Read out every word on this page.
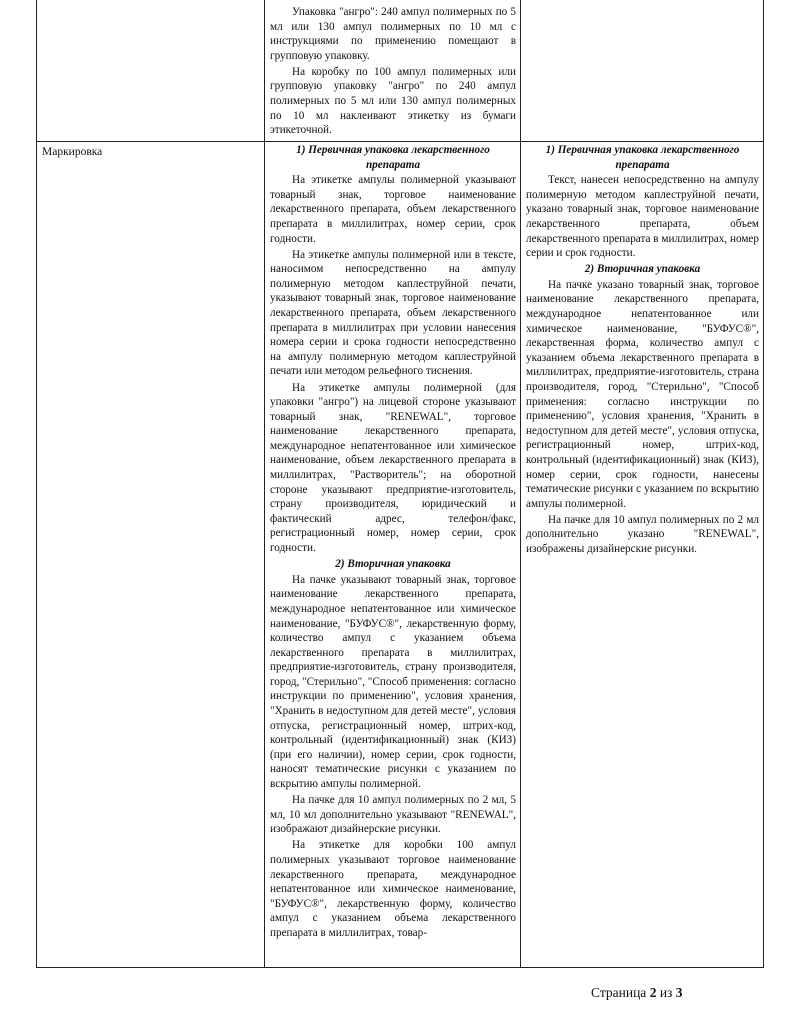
Упаковка "ангро": 240 ампул полимерных по 5 мл или 130 ампул полимерных по 10 мл с инструкциями по применению помещают в групповую упаковку.

На коробку по 100 ампул полимерных или групповую упаковку "ангро" по 240 ампул полимерных по 5 мл или 130 ампул полимерных по 10 мл наклеивают этикетку из бумаги этикеточной.

Маркировка	1) Первичная упаковка лекарственного препарата

На этикетке ампулы полимерной указывают товарный знак, торговое наименование лекарственного препарата, объем лекарственного препарата в миллилитрах, номер серии, срок годности.

На этикетке ампулы полимерной или в тексте, наносимом непосредственно на ампулу полимерную методом каплеструйной печати, указывают товарный знак, торговое наименование лекарственного препарата, объем лекарственного препарата в миллилитрах при условии нанесения номера серии и срока годности непосредственно на ампулу полимерную методом каплеструйной печати или методом рельефного тиснения.

На этикетке ампулы полимерной (для упаковки "ангро") на лицевой стороне указывают товарный знак, "RENEWAL", торговое наименование лекарственного препарата, международное непатентованное или химическое наименование, объем лекарственного препарата в миллилитрах, "Растворитель"; на оборотной стороне указывают предприятие-изготовитель, страну производителя, юридический и фактический адрес, телефон/факс, регистрационный номер, номер серии, срок годности.

2) Вторичная упаковка

На пачке указывают товарный знак, торговое наименование лекарственного препарата, международное непатентованное или химическое наименование, "БУФУС®", лекарственную форму, количество ампул с указанием объема лекарственного препарата в миллилитрах, предприятие-изготовитель, страну производителя, город, "Стерильно", "Способ применения: согласно инструкции по применению", условия хранения, "Хранить в недоступном для детей месте", условия отпуска, регистрационный номер, штрих-код, контрольный (идентификационный) знак (КИЗ) (при его наличии), номер серии, срок годности, наносят тематические рисунки с указанием по вскрытию ампулы полимерной.

На пачке для 10 ампул полимерных по 2 мл, 5 мл, 10 мл дополнительно указывают "RENEWAL", изображают дизайнерские рисунки.

На этикетке для коробки 100 ампул полимерных указывают торговое наименование лекарственного препарата, международное непатентованное или химическое наименование, "БУФУС®", лекарственную форму, количество ампул с указанием объема лекарственного препарата в миллилитрах, товар-

1) Первичная упаковка лекарственного препарата

Текст, нанесен непосредственно на ампулу полимерную методом каплеструйной печати, указано товарный знак, торговое наименование лекарственного препарата, объем лекарственного препарата в миллилитрах, номер серии и срок годности.

2) Вторичная упаковка

На пачке указано товарный знак, торговое наименование лекарственного препарата, международное непатентованное или химическое наименование, "БУФУС®", лекарственная форма, количество ампул с указанием объема лекарственного препарата в миллилитрах, предприятие-изготовитель, страна производителя, город, "Стерильно", "Способ применения: согласно инструкции по применению", условия хранения, "Хранить в недоступном для детей месте", условия отпуска, регистрационный номер, штрих-код, контрольный (идентификационный) знак (КИЗ), номер серии, срок годности, нанесены тематические рисунки с указанием по вскрытию ампулы полимерной.

На пачке для 10 ампул полимерных по 2 мл дополнительно указано "RENEWAL", изображены дизайнерские рисунки.

Страница 2 из 3
